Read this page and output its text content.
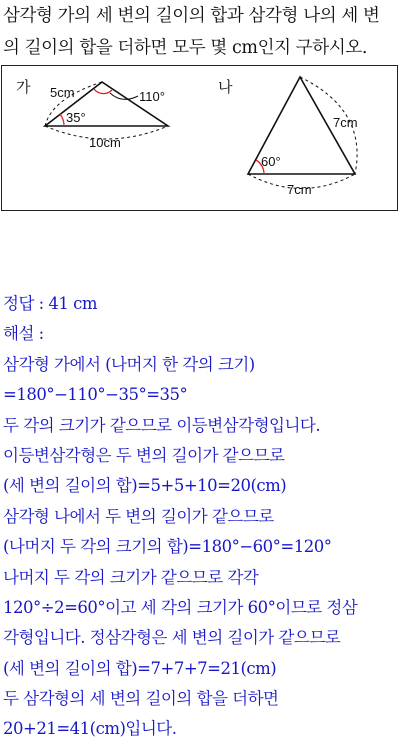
삼각형 가의 세 변의 길이의 합과 삼각형 나의 세 변
의 길이의 합을 더하면 모두 몇 cm인지 구하시오.
가 5cm
35°
110°
10cm
나
7cm
60°
7cm
정답 : 41 cm
해설 :
삼각형 가에서 (나머지 한 각의 크기)
=180°−110°−35°=35°
두 각의 크기가 같으므로 이등변삼각형입니다.
이등변삼각형은 두 변의 길이가 같으므로
(세 변의 길이의 합)=5+5+10=20(cm)
삼각형 나에서 두 변의 길이가 같으므로
(나머지 두 각의 크기의 합)=180°−60°=120°
나머지 두 각의 크기가 같으므로 각각
120°÷2=60°이고 세 각의 크기가 60°이므로 정삼
각형입니다. 정삼각형은 세 변의 길이가 같으므로
(세 변의 길이의 합)=7+7+7=21(cm)
두 삼각형의 세 변의 길이의 합을 더하면
20+21=41(cm)입니다.
